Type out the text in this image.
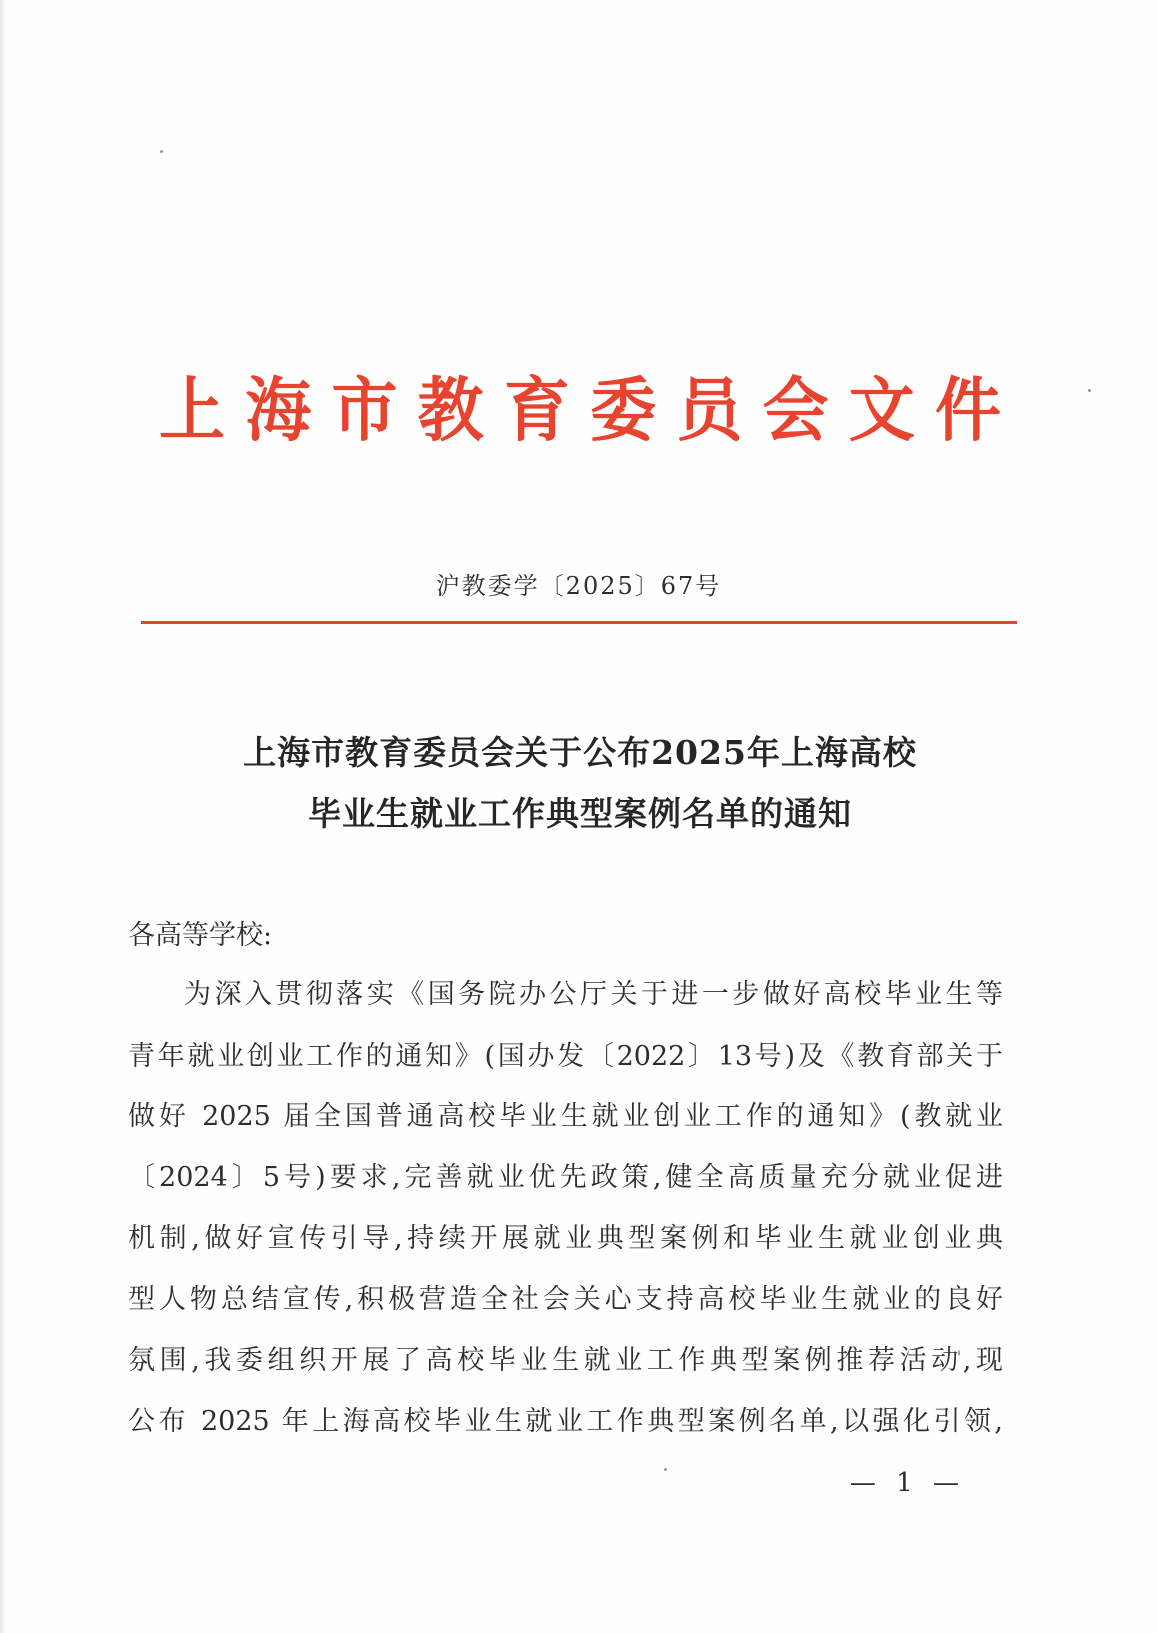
上 海 市 教 育 委 员 会 文 件
沪教委学〔2025〕67号
上海市教育委员会关于公布2025年上海高校
毕业生就业工作典型案例名单的通知
各高等学校:
为深入贯彻落实《国务院办公厅关于进一步做好高校毕业生等
青年就业创业工作的通知》(国办发〔2022〕13号)及《教育部关于
做好 2025 届全国普通高校毕业生就业创业工作的通知》(教就业
〔2024〕5号)要求,完善就业优先政策,健全高质量充分就业促进
机制,做好宣传引导,持续开展就业典型案例和毕业生就业创业典
型人物总结宣传,积极营造全社会关心支持高校毕业生就业的良好
氛围,我委组织开展了高校毕业生就业工作典型案例推荐活动,现
公布 2025 年上海高校毕业生就业工作典型案例名单,以强化引领,
— 1 —
